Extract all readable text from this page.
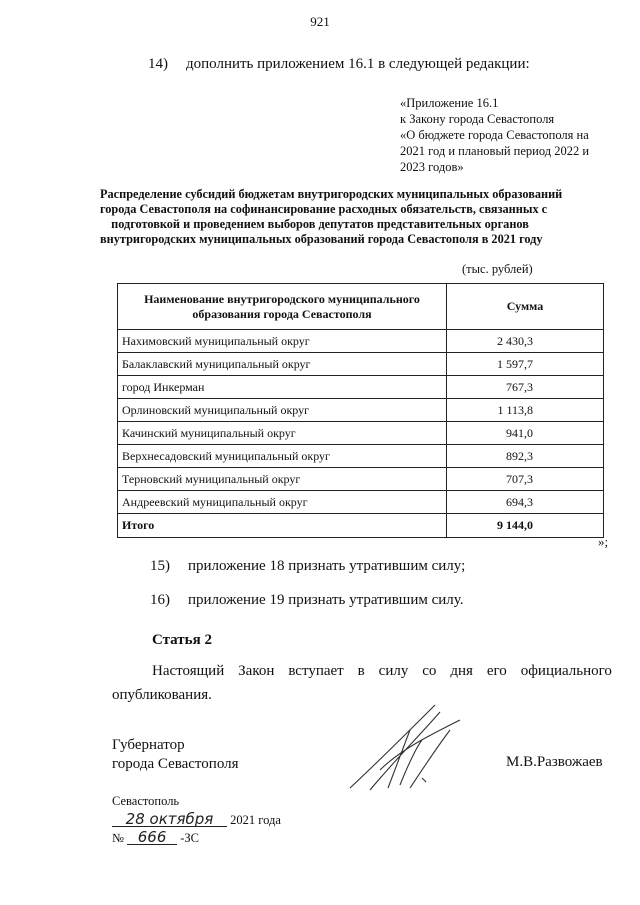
921
14) дополнить приложением 16.1 в следующей редакции:
«Приложение 16.1
к Закону города Севастополя
«О бюджете города Севастополя на
2021 год и плановый период 2022 и
2023 годов»
Распределение субсидий бюджетам внутригородских муниципальных образований
города Севастополя на софинансирование расходных обязательств, связанных с
подготовкой и проведением выборов депутатов представительных органов
внутригородских муниципальных образований города Севастополя в 2021 году
(тыс. рублей)
Наименование внутригородского муниципального
образования города Севастополя	Сумма
Нахимовский муниципальный округ	2 430,3
Балаклавский муниципальный округ	1 597,7
город Инкерман	767,3
Орлиновский муниципальный округ	1 113,8
Качинский муниципальный округ	941,0
Верхнесадовский муниципальный округ	892,3
Терновский муниципальный округ	707,3
Андреевский муниципальный округ	694,3
Итого	9 144,0
»;
15) приложение 18 признать утратившим силу;
16) приложение 19 признать утратившим силу.
Статья 2
Настоящий Закон вступает в силу со дня его официального
опубликования.
Губернатор
города Севастополя	М.В.Развожаев
Севастополь
28 октября 2021 года
№ 666 -ЗС
